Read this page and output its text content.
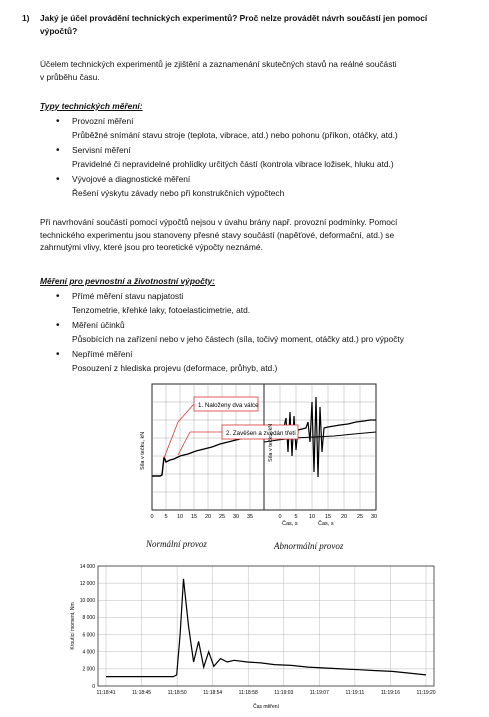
1) Jaký je účel provádění technických experimentů? Proč nelze provádět návrh součástí jen pomocí
výpočtů?

Účelem technických experimentů je zjištění a zaznamenání skutečných stavů na reálné součásti
v průběhu času.

Typy technických měření:
Provozní měření
Průběžné snímání stavu stroje (teplota, vibrace, atd.) nebo pohonu (příkon, otáčky, atd.)
Servisní měření
Pravidelné či nepravidelné prohlídky určitých částí (kontrola vibrace ložisek, hluku atd.)
Vývojové a diagnostické měření
Řešení výskytu závady nebo při konstrukčních výpočtech

Při navrhování součástí pomocí výpočtů nejsou v úvahu brány např. provozní podmínky. Pomocí
technického experimentu jsou stanoveny přesné stavy součástí (napěťové, deformační, atd.) se
zahrnutými vlivy, které jsou pro teoretické výpočty neznámé.

Měření pro pevnostní a životnostní výpočty:
Přímé měření stavu napjatosti
Tenzometrie, křehké laky, fotoelasticimetrie, atd.
Měření účinků
Působících na zařízení nebo v jeho částech (síla, točivý moment, otáčky atd.) pro výpočty
Nepřímé měření
Posouzení z hlediska projevu (deformace, průhyb, atd.)
1. Naloženy dva válce
2. Zavěšen a zvedán třetí
Síla v tečku, kN	Síla v tečku, kN
0 5 10 15 20 25 30 35	0 5 10 15 20 25 30
Čas, s	Čas, s
Normální provoz	Abnormální provoz
0
2 000
4 000
6 000
8 000
10 000
12 000
14 000
11:18:41	11:18:45	11:18:50	11:18:54	11:18:58	11:19:03	11:19:07	11:19:11	11:19:16	11:19:20
Kroutící moment, Nm
Čas měření
